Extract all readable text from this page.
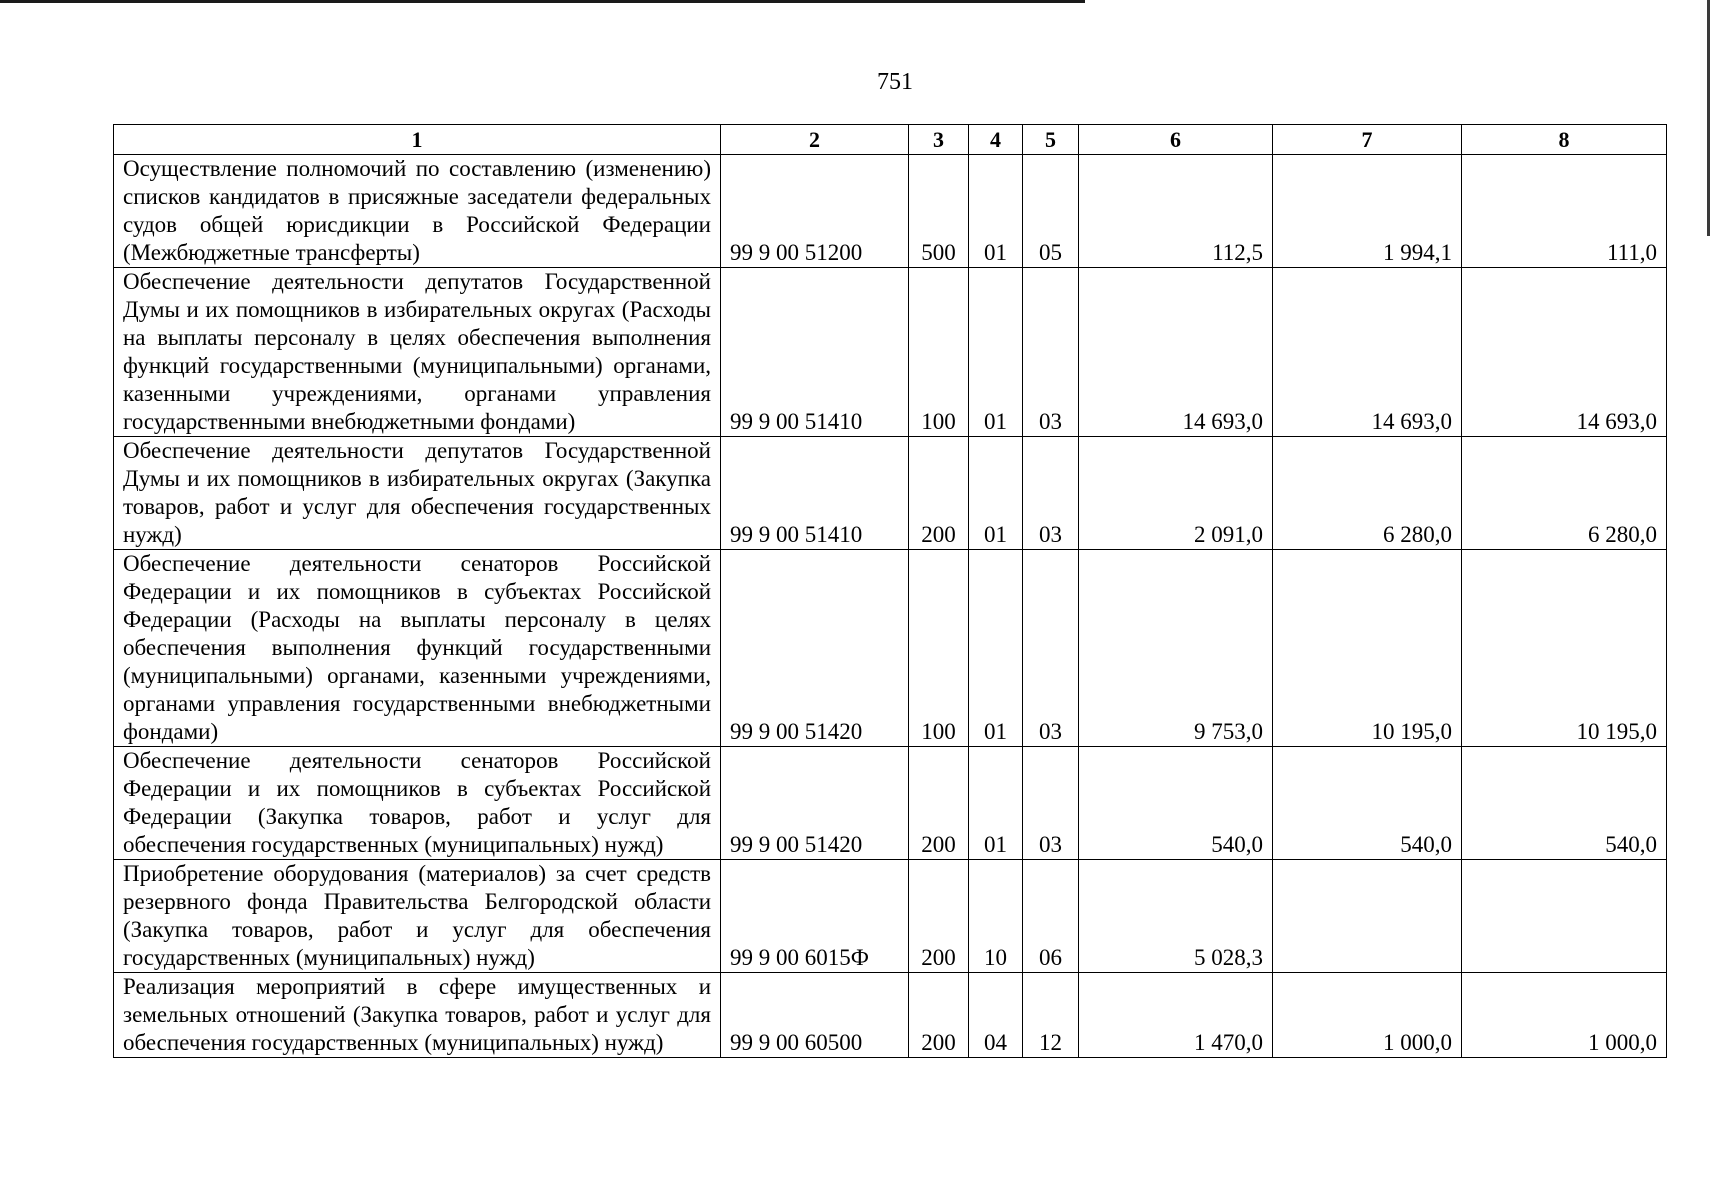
751
1	2	3	4	5	6	7	8
Осуществление полномочий по составлению (изменению) списков кандидатов в присяжные заседатели федеральных судов общей юрисдикции в Российской Федерации (Межбюджетные трансферты)	99 9 00 51200	500	01	05	112,5	1 994,1	111,0
Обеспечение деятельности депутатов Государственной Думы и их помощников в избирательных округах (Расходы на выплаты персоналу в целях обеспечения выполнения функций государственными (муниципальными) органами, казенными учреждениями, органами управления государственными внебюджетными фондами)	99 9 00 51410	100	01	03	14 693,0	14 693,0	14 693,0
Обеспечение деятельности депутатов Государственной Думы и их помощников в избирательных округах (Закупка товаров, работ и услуг для обеспечения государственных нужд)	99 9 00 51410	200	01	03	2 091,0	6 280,0	6 280,0
Обеспечение деятельности сенаторов Российской Федерации и их помощников в субъектах Российской Федерации (Расходы на выплаты персоналу в целях обеспечения выполнения функций государственными (муниципальными) органами, казенными учреждениями, органами управления государственными внебюджетными фондами)	99 9 00 51420	100	01	03	9 753,0	10 195,0	10 195,0
Обеспечение деятельности сенаторов Российской Федерации и их помощников в субъектах Российской Федерации (Закупка товаров, работ и услуг для обеспечения государственных (муниципальных) нужд)	99 9 00 51420	200	01	03	540,0	540,0	540,0
Приобретение оборудования (материалов) за счет средств резервного фонда Правительства Белгородской области (Закупка товаров, работ и услуг для обеспечения государственных (муниципальных) нужд)	99 9 00 6015Ф	200	10	06	5 028,3		
Реализация мероприятий в сфере имущественных и земельных отношений (Закупка товаров, работ и услуг для обеспечения государственных (муниципальных) нужд)	99 9 00 60500	200	04	12	1 470,0	1 000,0	1 000,0
